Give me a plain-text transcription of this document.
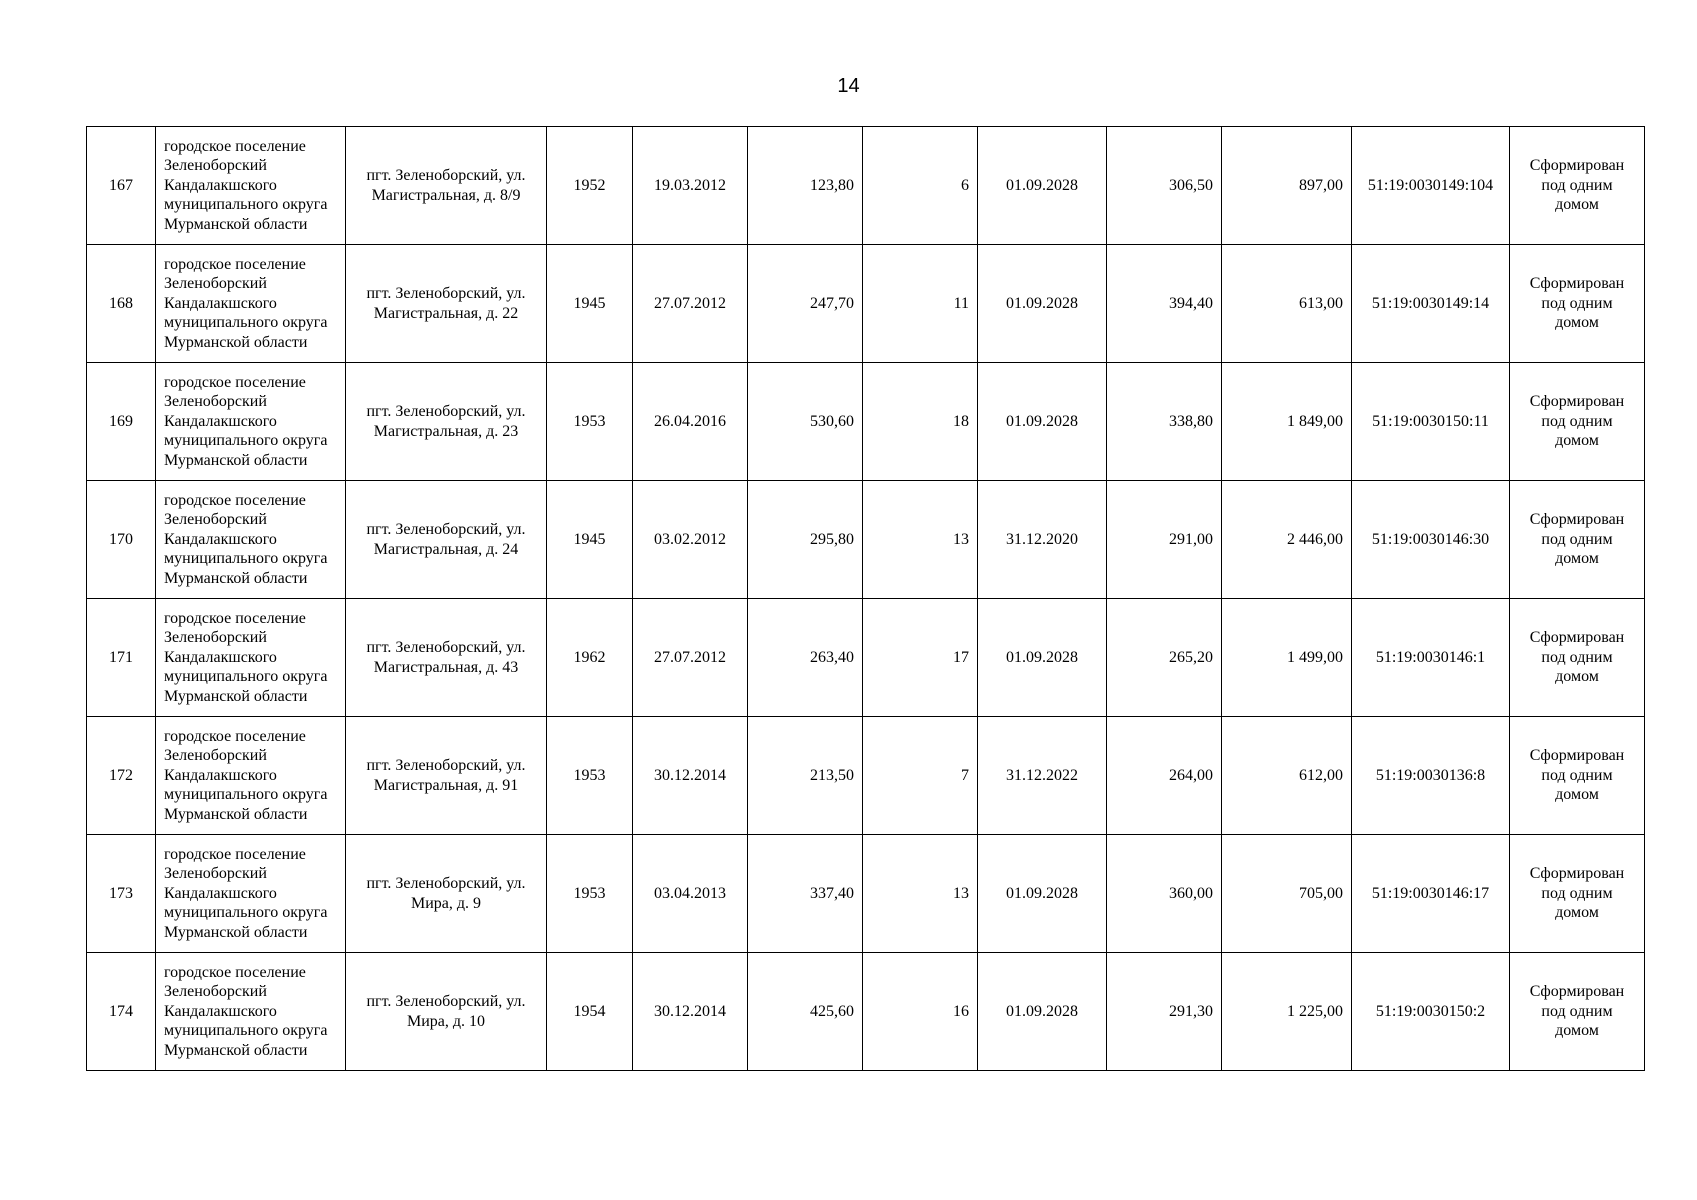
14
167	городское поселение Зеленоборский Кандалакшского муниципального округа Мурманской области	пгт. Зеленоборский, ул. Магистральная, д. 8/9	1952	19.03.2012	123,80	6	01.09.2028	306,50	897,00	51:19:0030149:104	Сформирован под одним домом
168	городское поселение Зеленоборский Кандалакшского муниципального округа Мурманской области	пгт. Зеленоборский, ул. Магистральная, д. 22	1945	27.07.2012	247,70	11	01.09.2028	394,40	613,00	51:19:0030149:14	Сформирован под одним домом
169	городское поселение Зеленоборский Кандалакшского муниципального округа Мурманской области	пгт. Зеленоборский, ул. Магистральная, д. 23	1953	26.04.2016	530,60	18	01.09.2028	338,80	1 849,00	51:19:0030150:11	Сформирован под одним домом
170	городское поселение Зеленоборский Кандалакшского муниципального округа Мурманской области	пгт. Зеленоборский, ул. Магистральная, д. 24	1945	03.02.2012	295,80	13	31.12.2020	291,00	2 446,00	51:19:0030146:30	Сформирован под одним домом
171	городское поселение Зеленоборский Кандалакшского муниципального округа Мурманской области	пгт. Зеленоборский, ул. Магистральная, д. 43	1962	27.07.2012	263,40	17	01.09.2028	265,20	1 499,00	51:19:0030146:1	Сформирован под одним домом
172	городское поселение Зеленоборский Кандалакшского муниципального округа Мурманской области	пгт. Зеленоборский, ул. Магистральная, д. 91	1953	30.12.2014	213,50	7	31.12.2022	264,00	612,00	51:19:0030136:8	Сформирован под одним домом
173	городское поселение Зеленоборский Кандалакшского муниципального округа Мурманской области	пгт. Зеленоборский, ул. Мира, д. 9	1953	03.04.2013	337,40	13	01.09.2028	360,00	705,00	51:19:0030146:17	Сформирован под одним домом
174	городское поселение Зеленоборский Кандалакшского муниципального округа Мурманской области	пгт. Зеленоборский, ул. Мира, д. 10	1954	30.12.2014	425,60	16	01.09.2028	291,30	1 225,00	51:19:0030150:2	Сформирован под одним домом
